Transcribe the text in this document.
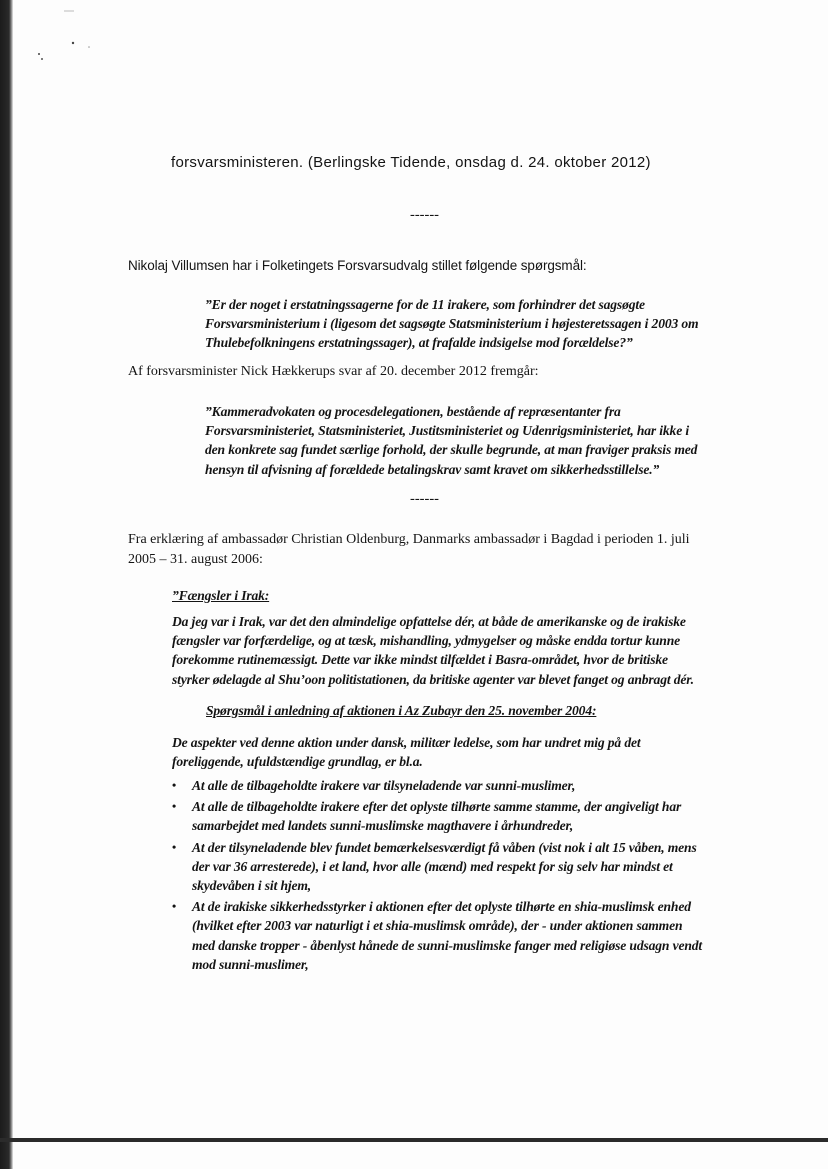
forsvarsministeren. (Berlingske Tidende, onsdag d. 24. oktober 2012)
------
Nikolaj Villumsen har i Folketingets Forsvarsudvalg stillet følgende spørgsmål:
”Er der noget i erstatningssagerne for de 11 irakere, som forhindrer det sagsøgte
Forsvarsministerium i (ligesom det sagsøgte Statsministerium i højesteretssagen i 2003 om
Thulebefolkningens erstatningssager), at frafalde indsigelse mod forældelse?”
Af forsvarsminister Nick Hækkerups svar af 20. december 2012 fremgår:
”Kammeradvokaten og procesdelegationen, bestående af repræsentanter fra
Forsvarsministeriet, Statsministeriet, Justitsministeriet og Udenrigsministeriet, har ikke i
den konkrete sag fundet særlige forhold, der skulle begrunde, at man fraviger praksis med
hensyn til afvisning af forældede betalingskrav samt kravet om sikkerhedsstillelse.”
------
Fra erklæring af ambassadør Christian Oldenburg, Danmarks ambassadør i Bagdad i perioden 1. juli
2005 – 31. august 2006:
”Fængsler i Irak:
Da jeg var i Irak, var det den almindelige opfattelse dér, at både de amerikanske og de irakiske
fængsler var forfærdelige, og at tæsk, mishandling, ydmygelser og måske endda tortur kunne
forekomme rutinemæssigt. Dette var ikke mindst tilfældet i Basra-området, hvor de britiske
styrker ødelagde al Shu’oon politistationen, da britiske agenter var blevet fanget og anbragt dér.
Spørgsmål i anledning af aktionen i Az Zubayr den 25. november 2004:
De aspekter ved denne aktion under dansk, militær ledelse, som har undret mig på det
foreliggende, ufuldstændige grundlag, er bl.a.
• At alle de tilbageholdte irakere var tilsyneladende var sunni-muslimer,
• At alle de tilbageholdte irakere efter det oplyste tilhørte samme stamme, der angiveligt har
samarbejdet med landets sunni-muslimske magthavere i århundreder,
• At der tilsyneladende blev fundet bemærkelsesværdigt få våben (vist nok i alt 15 våben, mens
der var 36 arresterede), i et land, hvor alle (mænd) med respekt for sig selv har mindst et
skydevåben i sit hjem,
• At de irakiske sikkerhedsstyrker i aktionen efter det oplyste tilhørte en shia-muslimsk enhed
(hvilket efter 2003 var naturligt i et shia-muslimsk område), der - under aktionen sammen
med danske tropper - åbenlyst hånede de sunni-muslimske fanger med religiøse udsagn vendt
mod sunni-muslimer,
